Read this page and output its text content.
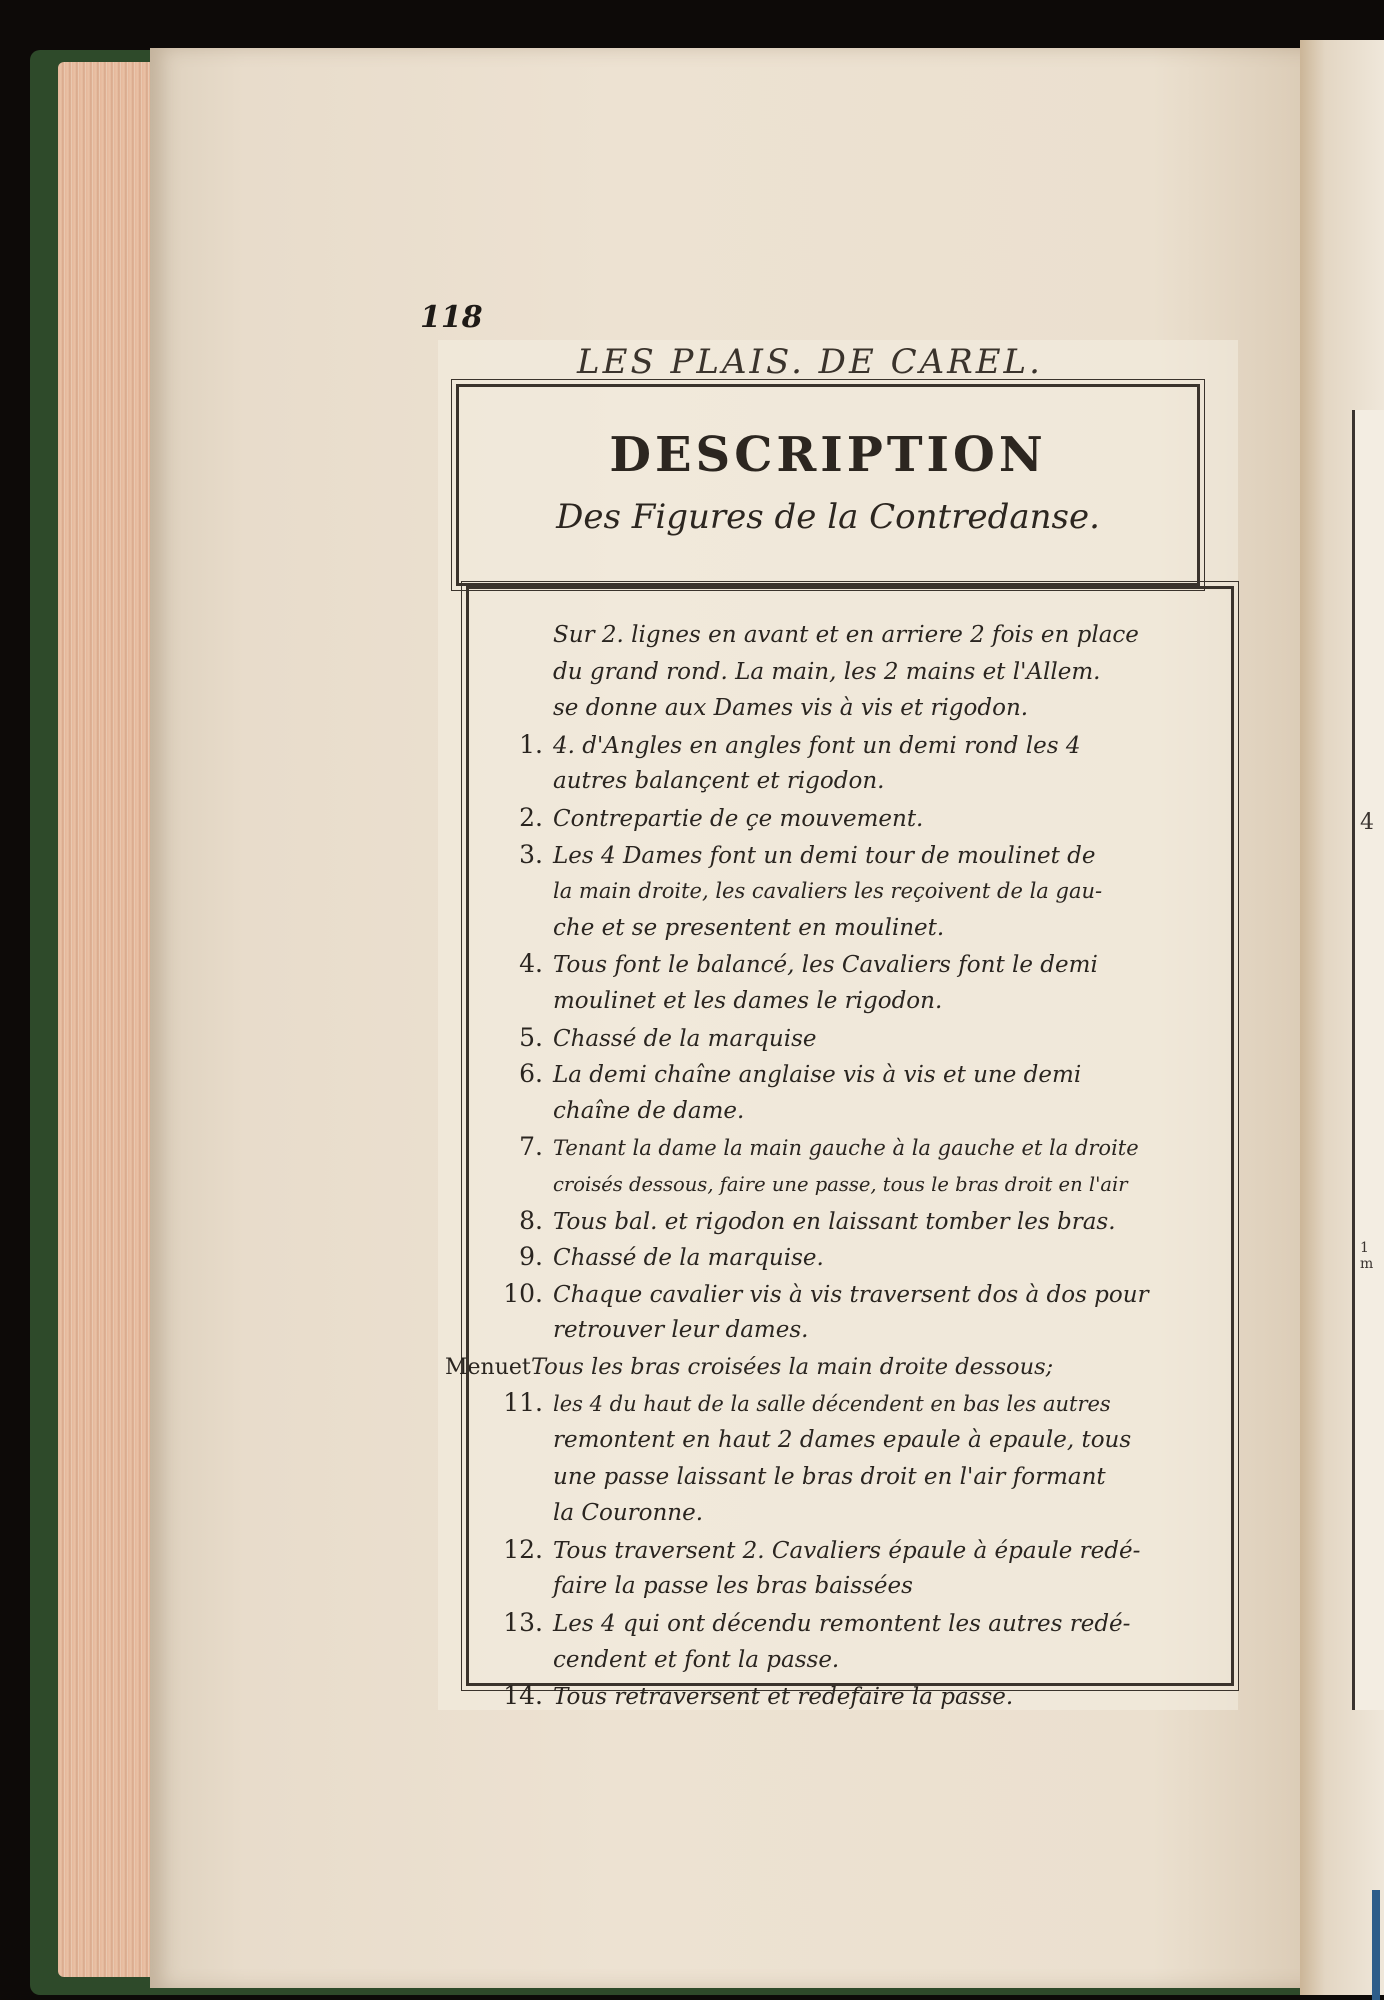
4
1 m
118
LES PLAIS. DE CAREL.
DESCRIPTION
Des Figures de la Contredanse.
Sur 2. lignes en avant et en arriere 2 fois en place
du grand rond. La main, les 2 mains et l'Allem.
se donne aux Dames vis à vis et rigodon.
1. 4. d'Angles en angles font un demi rond les 4
autres balançent et rigodon.
2. Contrepartie de çe mouvement.
3. Les 4 Dames font un demi tour de moulinet de
la main droite, les cavaliers les reçoivent de la gau-
che et se presentent en moulinet.
4. Tous font le balancé, les Cavaliers font le demi
moulinet et les dames le rigodon.
5. Chassé de la marquise
6. La demi chaîne anglaise vis à vis et une demi
chaîne de dame.
7. Tenant la dame la main gauche à la gauche et la droite
croisés dessous, faire une passe, tous le bras droit en l'air
8. Tous bal. et rigodon en laissant tomber les bras.
9. Chassé de la marquise.
10. Chaque cavalier vis à vis traversent dos à dos pour
retrouver leur dames.
MenuetTous les bras croisées la main droite dessous;
11. les 4 du haut de la salle décendent en bas les autres
remontent en haut 2 dames epaule à epaule, tous
une passe laissant le bras droit en l'air formant
la Couronne.
12. Tous traversent 2. Cavaliers épaule à épaule redé-
faire la passe les bras baissées
13. Les 4 qui ont décendu remontent les autres redé-
cendent et font la passe.
14. Tous retraversent et redefaire la passe.
